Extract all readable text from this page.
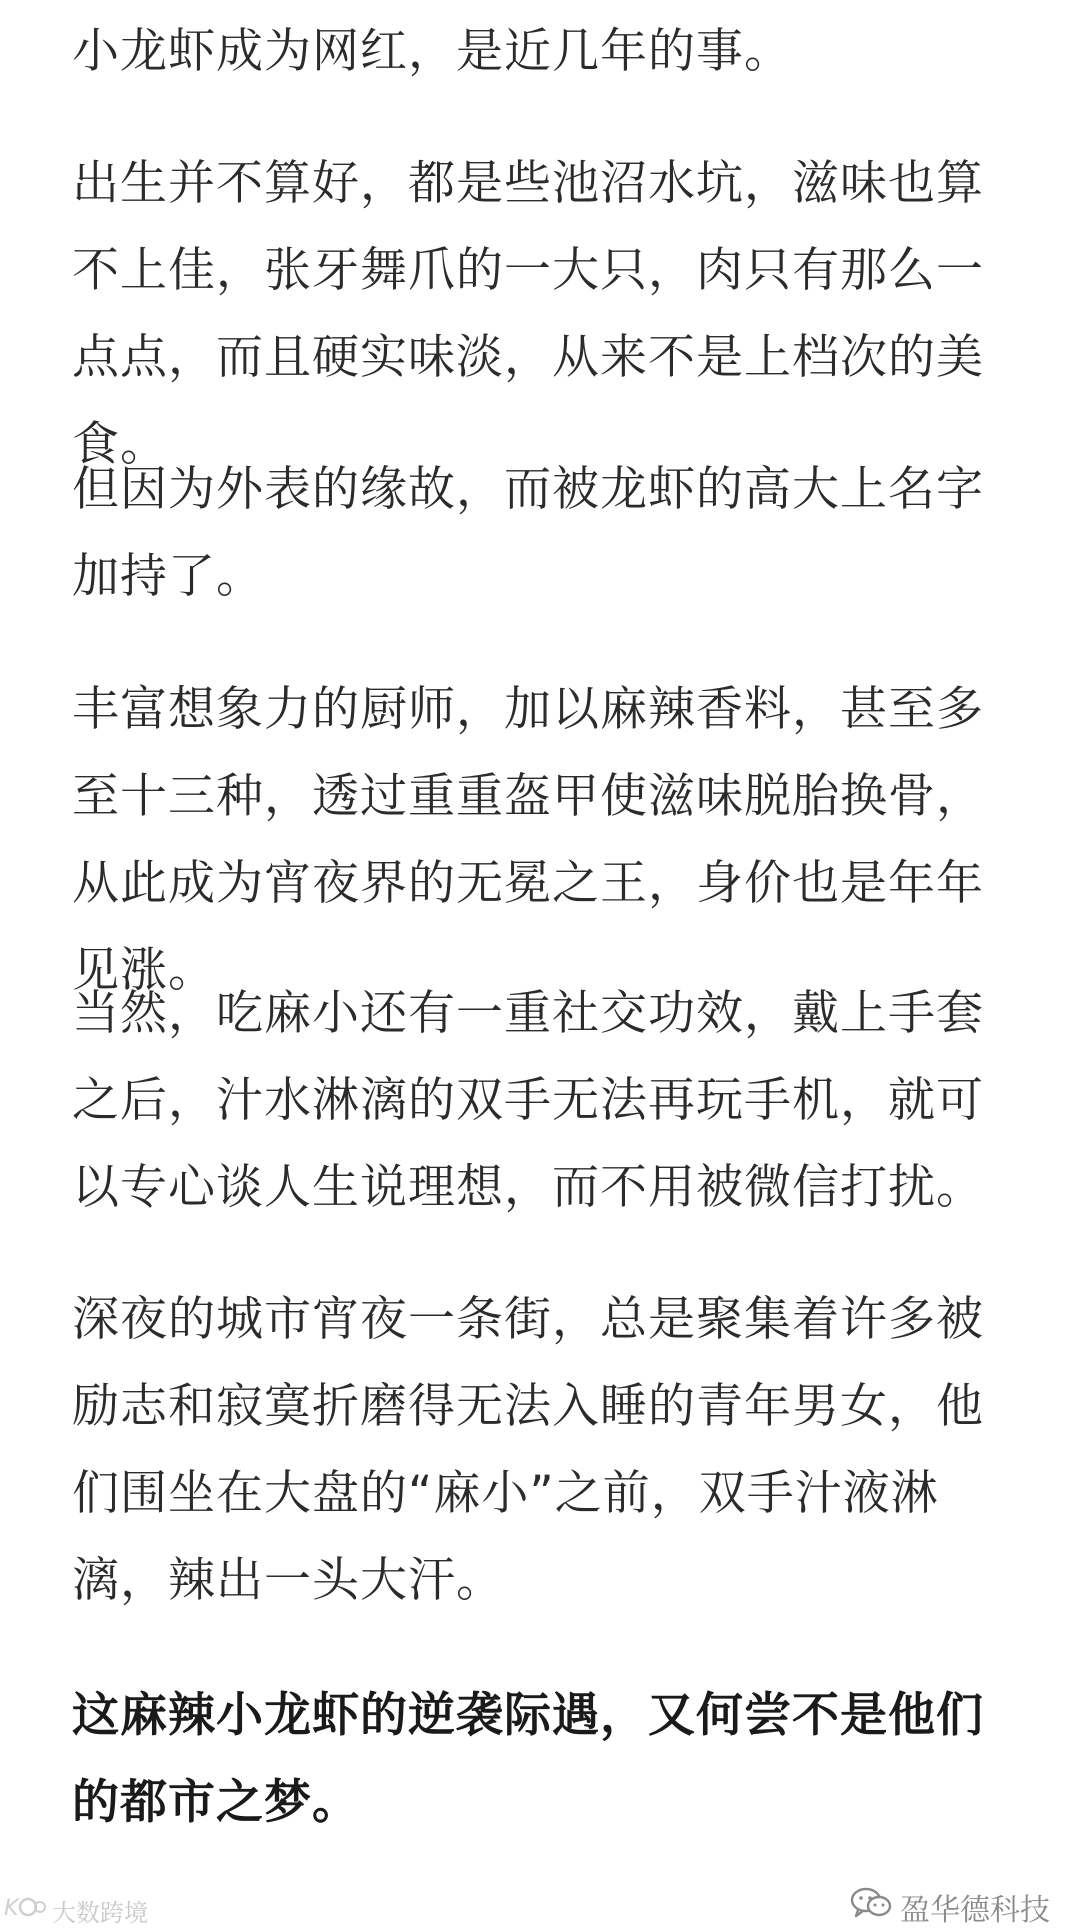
小龙虾成为网红，是近几年的事。

出生并不算好，都是些池沼水坑，滋味也算不上佳，张牙舞爪的一大只，肉只有那么一点点，而且硬实味淡，从来不是上档次的美食。

但因为外表的缘故，而被龙虾的高大上名字加持了。

丰富想象力的厨师，加以麻辣香料，甚至多至十三种，透过重重盔甲使滋味脱胎换骨，从此成为宵夜界的无冕之王，身价也是年年见涨。

当然，吃麻小还有一重社交功效，戴上手套之后，汁水淋漓的双手无法再玩手机，就可以专心谈人生说理想，而不用被微信打扰。

深夜的城市宵夜一条街，总是聚集着许多被励志和寂寞折磨得无法入睡的青年男女，他们围坐在大盘的“麻小”之前，双手汁液淋漓，辣出一头大汗。

这麻辣小龙虾的逆袭际遇，又何尝不是他们的都市之梦。

K 大数跨境	盈华德科技
